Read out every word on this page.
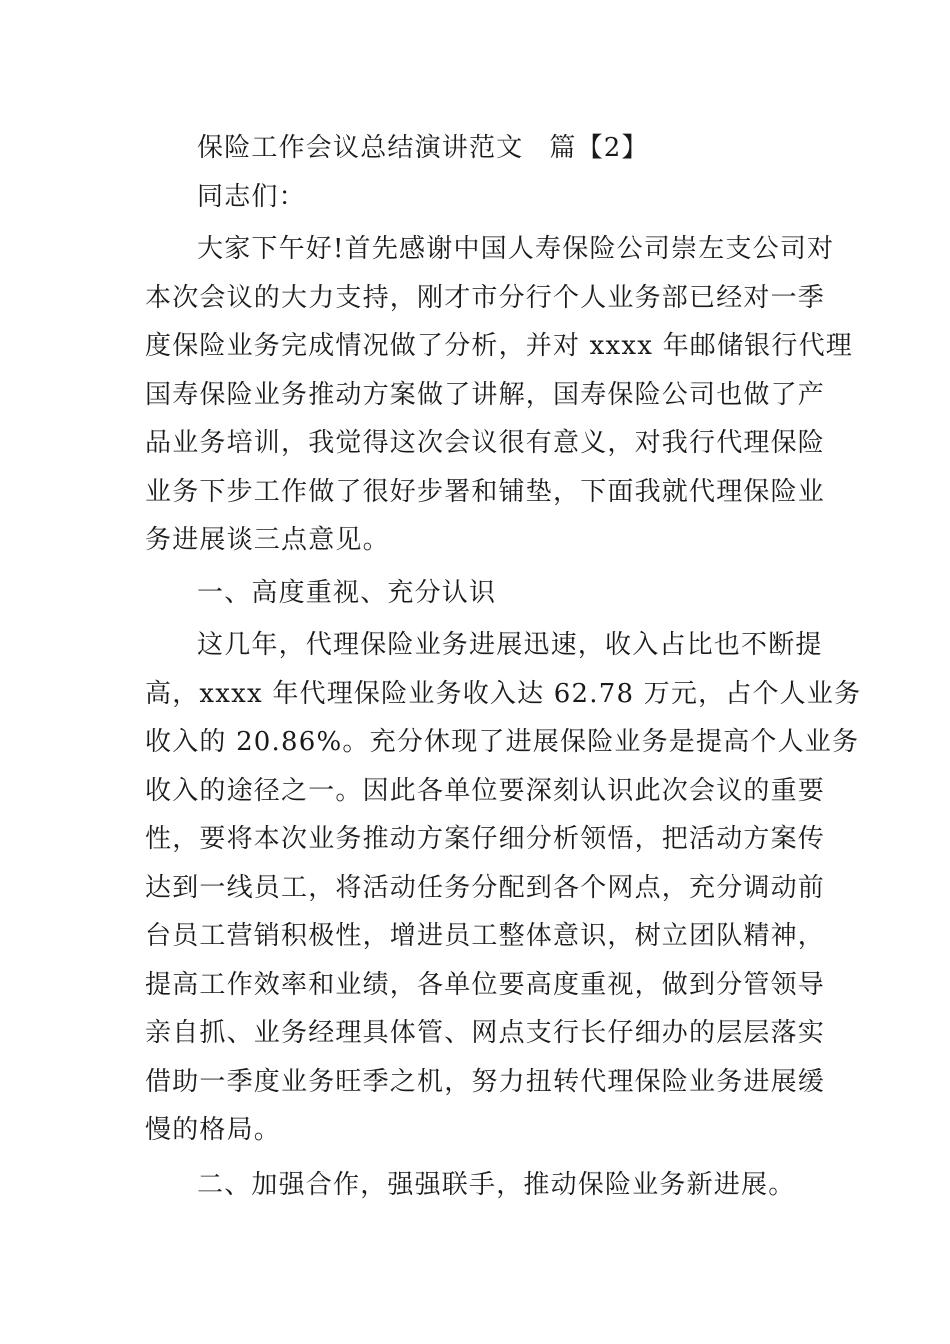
保险工作会议总结演讲范文 篇【2】
同志们：
大家下午好!首先感谢中国人寿保险公司崇左支公司对
本次会议的大力支持，刚才市分行个人业务部已经对一季
度保险业务完成情况做了分析，并对 xxxx 年邮储银行代理
国寿保险业务推动方案做了讲解，国寿保险公司也做了产
品业务培训，我觉得这次会议很有意义，对我行代理保险
业务下步工作做了很好步署和铺垫，下面我就代理保险业
务进展谈三点意见。
一、高度重视、充分认识
这几年，代理保险业务进展迅速，收入占比也不断提
高，xxxx 年代理保险业务收入达 62.78 万元，占个人业务
收入的 20.86%。充分休现了进展保险业务是提高个人业务
收入的途径之一。因此各单位要深刻认识此次会议的重要
性，要将本次业务推动方案仔细分析领悟，把活动方案传
达到一线员工，将活动任务分配到各个网点，充分调动前
台员工营销积极性，增进员工整体意识，树立团队精神，
提高工作效率和业绩，各单位要高度重视，做到分管领导
亲自抓、业务经理具体管、网点支行长仔细办的层层落实
借助一季度业务旺季之机，努力扭转代理保险业务进展缓
慢的格局。
二、加强合作，强强联手，推动保险业务新进展。
